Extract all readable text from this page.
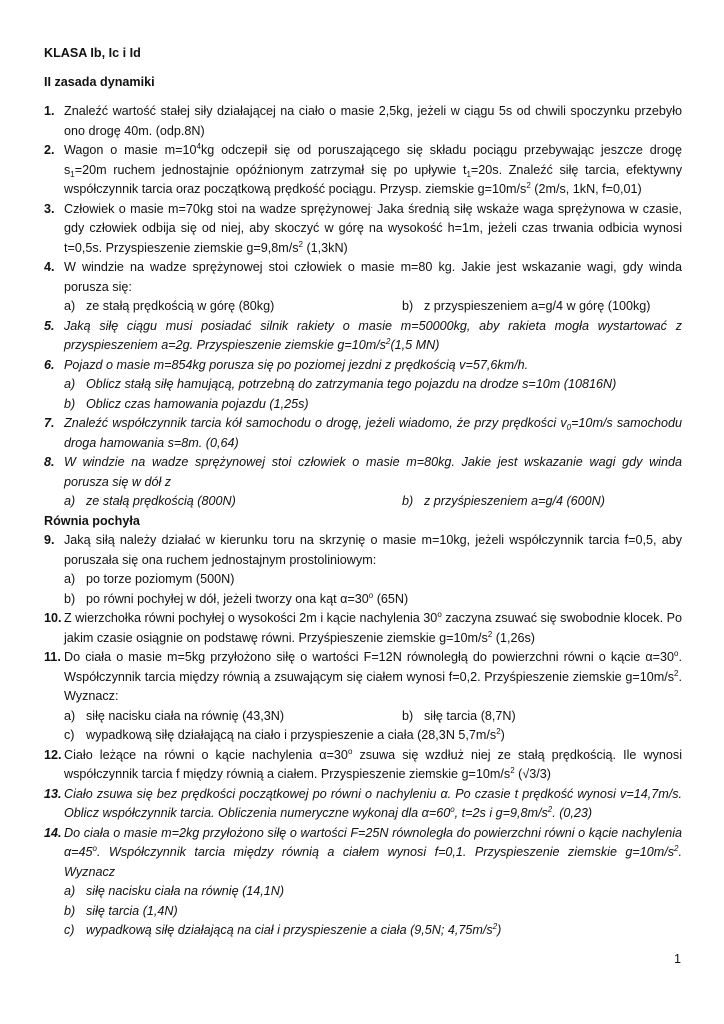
KLASA Ib, Ic i Id
II zasada dynamiki
1. Znaleźć wartość stałej siły działającej na ciało o masie 2,5kg, jeżeli w ciągu 5s od chwili spoczynku przebyło ono drogę 40m. (odp.8N)
2. Wagon o masie $m=10^4kg$ odczepił się od poruszającego się składu pociągu przebywając jeszcze drogę $s_1=20m$ ruchem jednostajnie opóźnionym zatrzymał się po upływie $t_1=20s$. Znaleźć siłę tarcia, efektywny współczynnik tarcia oraz początkową prędkość pociągu. Przysp. ziemskie $g=10m/s^2$ (2m/s, 1kN, f=0,01)
3. Człowiek o masie m=70kg stoi na wadze sprężynowej. Jaka średnią siłę wskaże waga sprężynowa w czasie, gdy człowiek odbija się od niej, aby skoczyć w górę na wysokość h=1m, jeżeli czas trwania odbicia wynosi t=0,5s. Przyspieszenie ziemskie $g=9,8m/s^2$ (1,3kN)
4. W windzie na wadze sprężynowej stoi człowiek o masie m=80 kg. Jakie jest wskazanie wagi, gdy winda porusza się:
a) ze stałą prędkością w górę (80kg)	b) z przyspieszeniem a=g/4 w górę (100kg)
5. Jaką siłę ciągu musi posiadać silnik rakiety o masie m=50000kg, aby rakieta mogła wystartować z przyspieszeniem a=2g. Przyspieszenie ziemskie $g=10m/s^2(1,5$ MN)
6. Pojazd o masie m=854kg porusza się po poziomej jezdni z prędkością v=57,6km/h.
a) Oblicz stałą siłę hamującą, potrzebną do zatrzymania tego pojazdu na drodze s=10m (10816N)
b) Oblicz czas hamowania pojazdu (1,25s)
7. Znaleźć współczynnik tarcia kół samochodu o drogę, jeżeli wiadomo, że przy prędkości $v_0=10m/s$ samochodu droga hamowania s=8m. (0,64)
8. W windzie na wadze sprężynowej stoi człowiek o masie m=80kg. Jakie jest wskazanie wagi gdy winda porusza się w dół z
a) ze stałą prędkością (800N)	b) z przyśpieszeniem a=g/4 (600N)
Równia pochyła
9. Jaką siłą należy działać w kierunku toru na skrzynię o masie m=10kg, jeżeli współczynnik tarcia f=0,5, aby poruszała się ona ruchem jednostajnym prostoliniowym:
a) po torze poziomym (500N)
b) po równi pochyłej w dół, jeżeli tworzy ona kąt $\alpha=30^o$ (65N)
10. Z wierzchołka równi pochyłej o wysokości 2m i kącie nachylenia 30$^o$ zaczyna zsuwać się swobodnie klocek. Po jakim czasie osiągnie on podstawę równi. Przyśpieszenie ziemskie $g=10m/s^2$ (1,26s)
11. Do ciała o masie m=5kg przyłożono siłę o wartości F=12N równoległą do powierzchni równi o kącie $\alpha=30^o$. Współczynnik tarcia między równią a zsuwającym się ciałem wynosi f=0,2. Przyśpieszenie ziemskie $g=10m/s^2$. Wyznacz:
a) siłę nacisku ciała na równię (43,3N)	b) siłę tarcia (8,7N)
c) wypadkową siłę działającą na ciało i przyspieszenie a ciała (28,3N $5,7m/s^2$)
12. Ciało leżące na równi o kącie nachylenia $\alpha=30^o$ zsuwa się wzdłuż niej ze stałą prędkością. Ile wynosi współczynnik tarcia f między równią a ciałem. Przyspieszenie ziemskie $g=10m/s^2$ (√3/3)
13. Ciało zsuwa się bez prędkości początkowej po równi o nachyleniu α. Po czasie t prędkość wynosi v=14,7m/s. Oblicz współczynnik tarcia. Obliczenia numeryczne wykonaj dla $\alpha=60^o$, t=2s i $g=9,8m/s^2$. (0,23)
14. Do ciała o masie m=2kg przyłożono siłę o wartości F=25N równoległa do powierzchni równi o kącie nachylenia $\alpha=45^o$. Współczynnik tarcia między równią a ciałem wynosi f=0,1. Przyspieszenie ziemskie $g=10m/s^2$. Wyznacz
a) siłę nacisku ciała na równię (14,1N)
b) siłę tarcia (1,4N)
c) wypadkową siłę działającą na ciał i przyspieszenie a ciała (9,5N; $4,75m/s^2$)
1
